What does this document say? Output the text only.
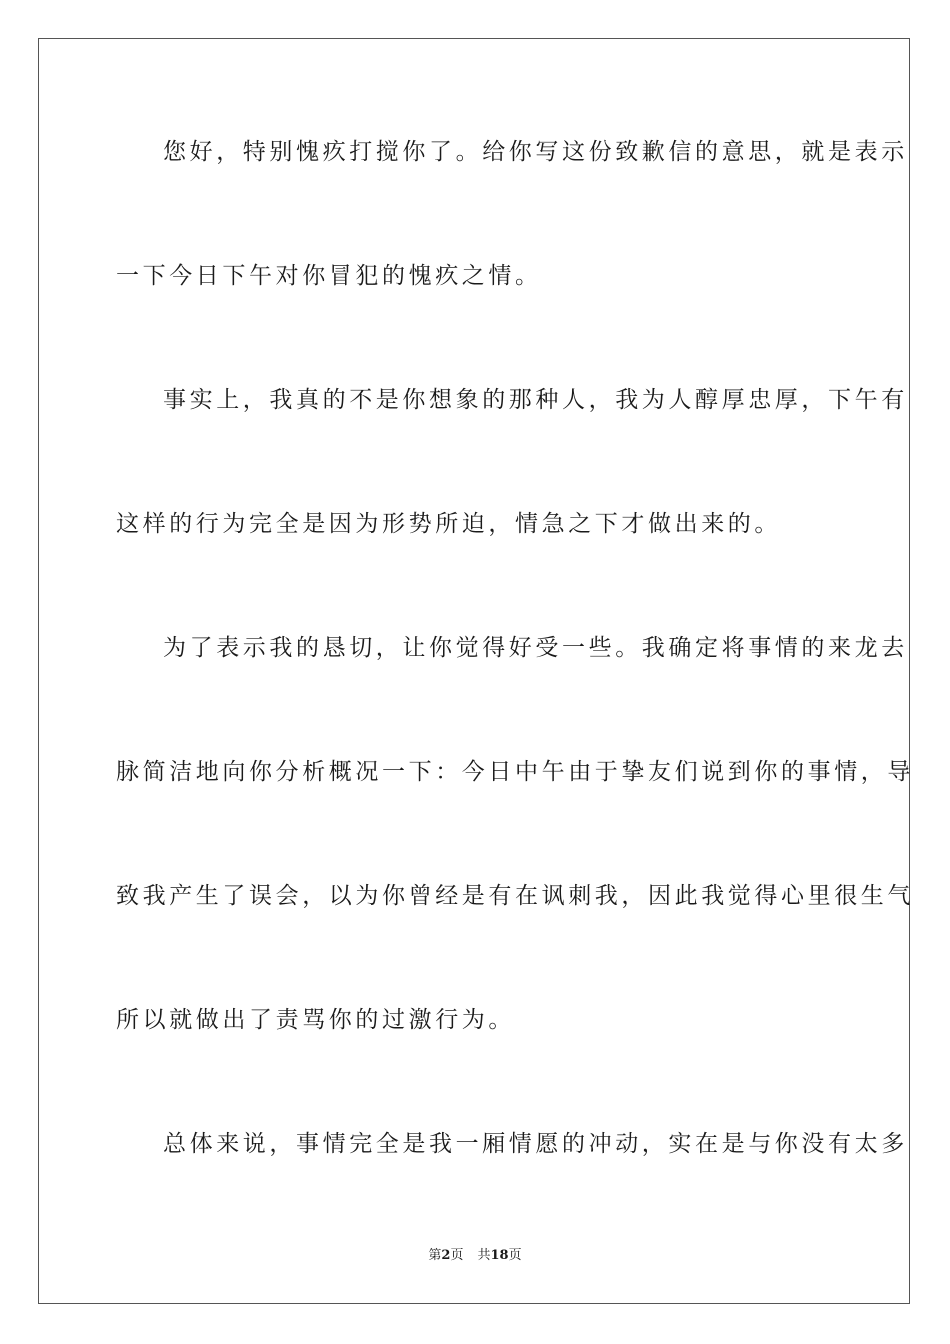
您好，特别愧疚打搅你了。给你写这份致歉信的意思，就是表示
一下今日下午对你冒犯的愧疚之情。
事实上，我真的不是你想象的那种人，我为人醇厚忠厚，下午有
这样的行为完全是因为形势所迫，情急之下才做出来的。
为了表示我的恳切，让你觉得好受一些。我确定将事情的来龙去
脉简洁地向你分析概况一下：今日中午由于挚友们说到你的事情，导
致我产生了误会，以为你曾经是有在讽刺我，因此我觉得心里很生气
所以就做出了责骂你的过激行为。
总体来说，事情完全是我一厢情愿的冲动，实在是与你没有太多
第2页 共18页
